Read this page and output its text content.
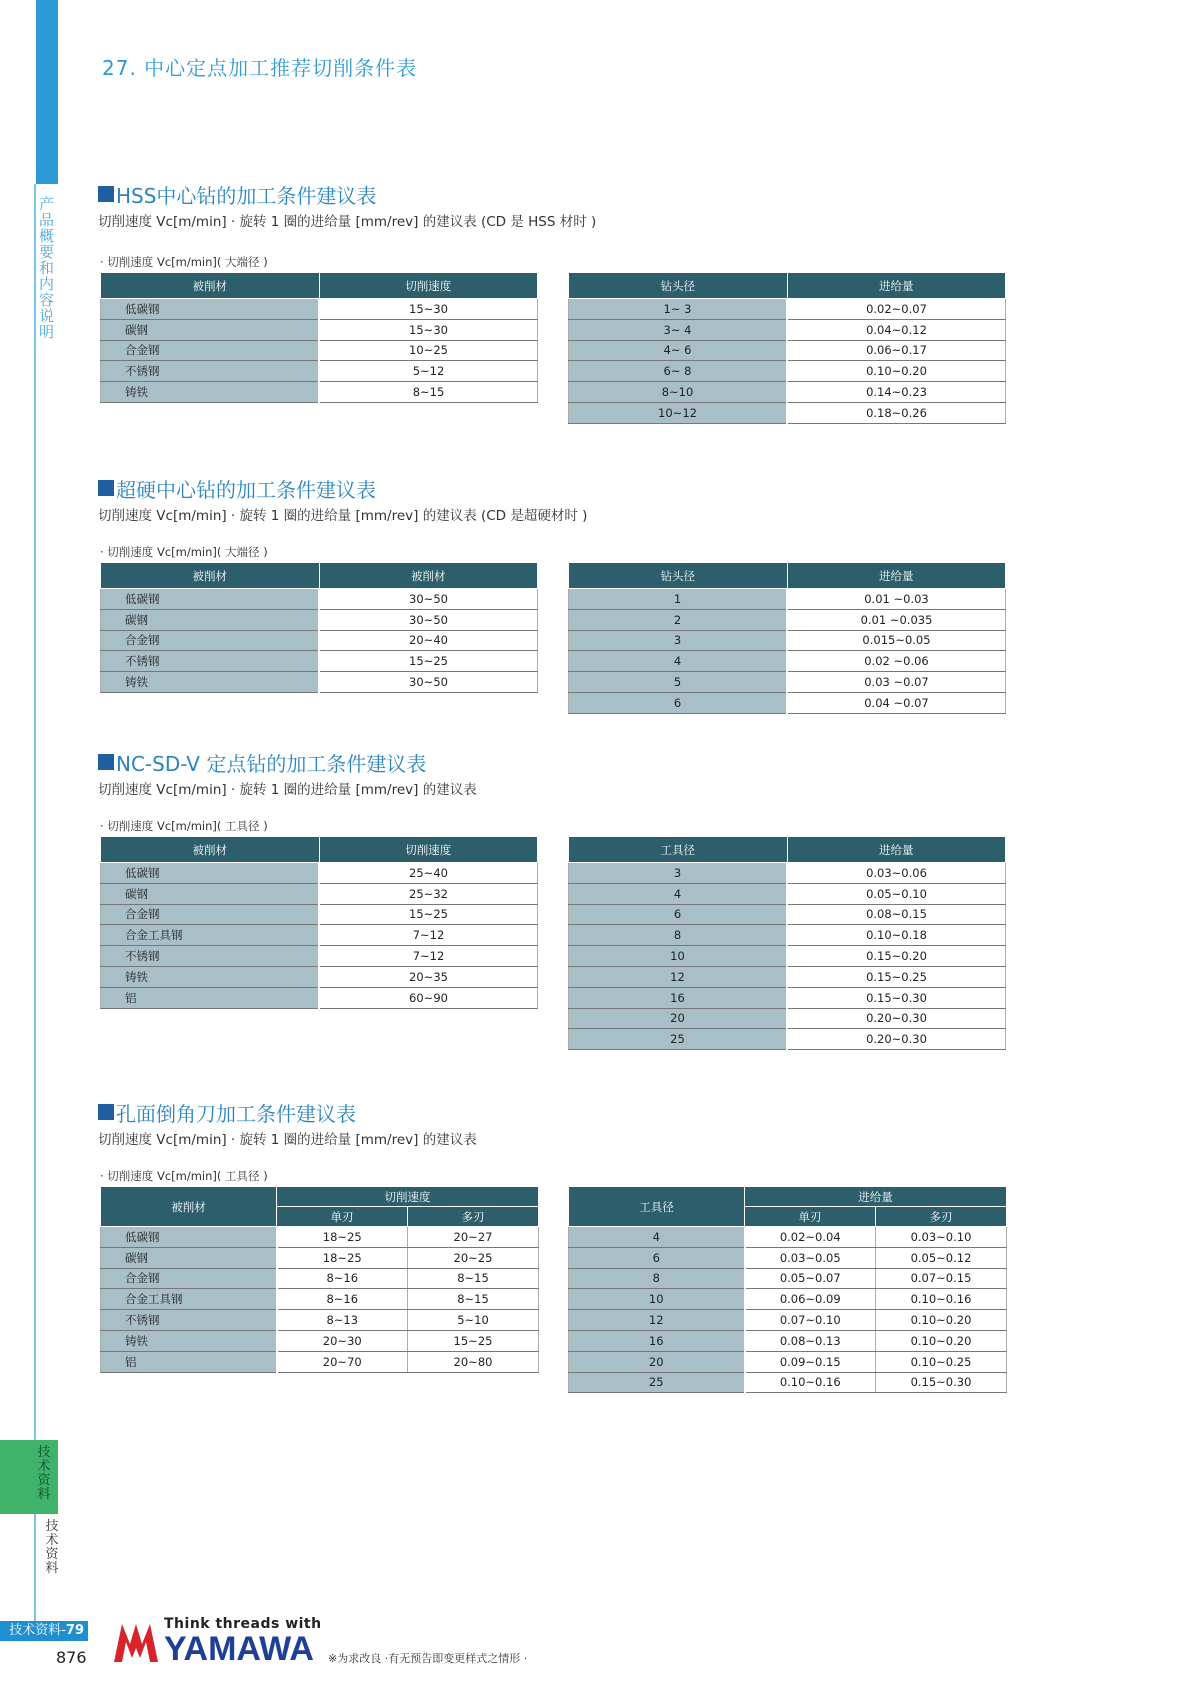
产品概要和内容说明
技术资料
技术资料
27. 中心定点加工推荐切削条件表
HSS中心钻的加工条件建议表
切削速度 Vc[m/min] · 旋转 1 圈的进给量 [mm/rev] 的建议表 (CD 是 HSS 材时 )
· 切削速度 Vc[m/min]( 大端径 )
被削材	切削速度
低碳钢	15~30
碳钢	15~30
合金钢	10~25
不锈钢	5~12
铸铁	8~15
钻头径	进给量
1~ 3	0.02~0.07
3~ 4	0.04~0.12
4~ 6	0.06~0.17
6~ 8	0.10~0.20
8~10	0.14~0.23
10~12	0.18~0.26
超硬中心钻的加工条件建议表
切削速度 Vc[m/min] · 旋转 1 圈的进给量 [mm/rev] 的建议表 (CD 是超硬材时 )
· 切削速度 Vc[m/min]( 大端径 )
被削材	被削材
低碳钢	30~50
碳钢	30~50
合金钢	20~40
不锈钢	15~25
铸铁	30~50
钻头径	进给量
1	0.01 ~0.03
2	0.01 ~0.035
3	0.015~0.05
4	0.02 ~0.06
5	0.03 ~0.07
6	0.04 ~0.07
NC-SD-V 定点钻的加工条件建议表
切削速度 Vc[m/min] · 旋转 1 圈的进给量 [mm/rev] 的建议表
· 切削速度 Vc[m/min]( 工具径 )
被削材	切削速度
低碳钢	25~40
碳钢	25~32
合金钢	15~25
合金工具钢	7~12
不锈钢	7~12
铸铁	20~35
铝	60~90
工具径	进给量
3	0.03~0.06
4	0.05~0.10
6	0.08~0.15
8	0.10~0.18
10	0.15~0.20
12	0.15~0.25
16	0.15~0.30
20	0.20~0.30
25	0.20~0.30
孔面倒角刀加工条件建议表
切削速度 Vc[m/min] · 旋转 1 圈的进给量 [mm/rev] 的建议表
· 切削速度 Vc[m/min]( 工具径 )
被削材	切削速度	
	单刃	多刃
低碳钢	18~25	20~27
碳钢	18~25	20~25
合金钢	8~16	8~15
合金工具钢	8~16	8~15
不锈钢	8~13	5~10
铸铁	20~30	15~25
铝	20~70	20~80
工具径	进给量	
	单刃	多刃
4	0.02~0.04	0.03~0.10
6	0.03~0.05	0.05~0.12
8	0.05~0.07	0.07~0.15
10	0.06~0.09	0.10~0.16
12	0.07~0.10	0.10~0.20
16	0.08~0.13	0.10~0.20
20	0.09~0.15	0.10~0.25
25	0.10~0.16	0.15~0.30
技术资料-79
876
Think threads with
YAMAWA ※为求改良 ·有无预告即变更样式之情形 ·
